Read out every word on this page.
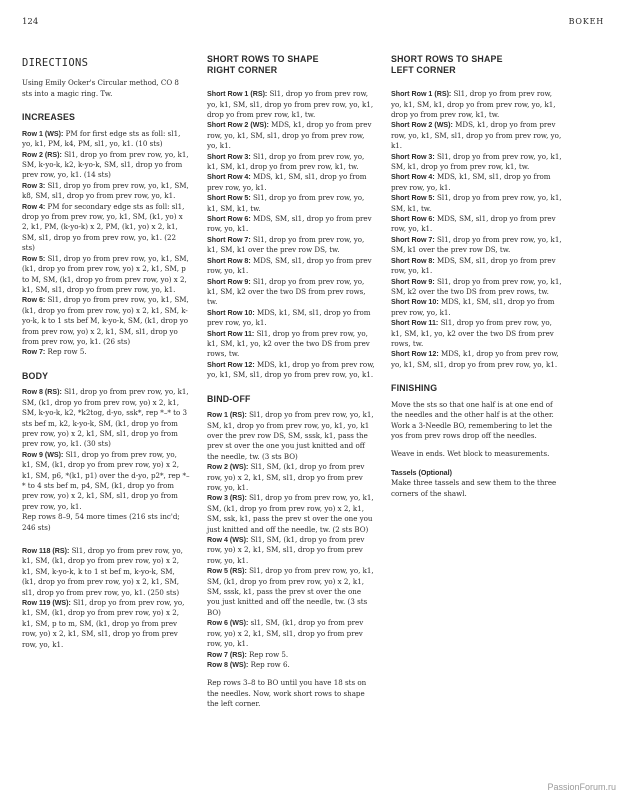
124	BOKEH
DIRECTIONS

Using Emily Ocker's Circular method, CO 8 sts into a magic ring. Tw.

INCREASES

Row 1 (WS): PM for first edge sts as foll: sl1, yo, k1, PM, k4, PM, sl1, yo, k1. (10 sts)

Row 2 (RS): Sl1, drop yo from prev row, yo, k1, SM, k-yo-k, k2, k-yo-k, SM, sl1, drop yo from prev row, yo, k1. (14 sts)

Row 3: Sl1, drop yo from prev row, yo, k1, SM, k8, SM, sl1, drop yo from prev row, yo, k1.

Row 4: PM for secondary edge sts as foll: sl1, drop yo from prev row, yo, k1, SM, (k1, yo) x 2, k1, PM, (k-yo-k) x 2, PM, (k1, yo) x 2, k1, SM, sl1, drop yo from prev row, yo, k1. (22 sts)

Row 5: Sl1, drop yo from prev row, yo, k1, SM, (k1, drop yo from prev row, yo) x 2, k1, SM, p to M, SM, (k1, drop yo from prev row, yo) x 2, k1, SM, sl1, drop yo from prev row, yo, k1.

Row 6: Sl1, drop yo from prev row, yo, k1, SM, (k1, drop yo from prev row, yo) x 2, k1, SM, k-yo-k, k to 1 sts bef M, k-yo-k, SM, (k1, drop yo from prev row, yo) x 2, k1, SM, sl1, drop yo from prev row, yo, k1. (26 sts)

Row 7: Rep row 5.

BODY

Row 8 (RS): Sl1, drop yo from prev row, yo, k1, SM, (k1, drop yo from prev row, yo) x 2, k1, SM, k-yo-k, k2, *k2tog, d-yo, ssk*, rep *–* to 3 sts bef m, k2, k-yo-k, SM, (k1, drop yo from prev row, yo) x 2, k1, SM, sl1, drop yo from prev row, yo, k1. (30 sts)

Row 9 (WS): Sl1, drop yo from prev row, yo, k1, SM, (k1, drop yo from prev row, yo) x 2, k1, SM, p6, *(k1, p1) over the d-yo, p2*, rep *–* to 4 sts bef m, p4, SM, (k1, drop yo from prev row, yo) x 2, k1, SM, sl1, drop yo from prev row, yo, k1.

Rep rows 8–9, 54 more times (216 sts inc'd; 246 sts)

Row 118 (RS): Sl1, drop yo from prev row, yo, k1, SM, (k1, drop yo from prev row, yo) x 2, k1, SM, k-yo-k, k to 1 st bef m, k-yo-k, SM, (k1, drop yo from prev row, yo) x 2, k1, SM, sl1, drop yo from prev row, yo, k1. (250 sts)

Row 119 (WS): Sl1, drop yo from prev row, yo, k1, SM, (k1, drop yo from prev row, yo) x 2, k1, SM, p to m, SM, (k1, drop yo from prev row, yo) x 2, k1, SM, sl1, drop yo from prev row, yo, k1.

SHORT ROWS TO SHAPE
RIGHT CORNER

Short Row 1 (RS): Sl1, drop yo from prev row, yo, k1, SM, sl1, drop yo from prev row, yo, k1, drop yo from prev row, k1, tw.

Short Row 2 (WS): MDS, k1, drop yo from prev row, yo, k1, SM, sl1, drop yo from prev row, yo, k1.

Short Row 3: Sl1, drop yo from prev row, yo, k1, SM, k1, drop yo from prev row, k1, tw.

Short Row 4: MDS, k1, SM, sl1, drop yo from prev row, yo, k1.

Short Row 5: Sl1, drop yo from prev row, yo, k1, SM, k1, tw.

Short Row 6: MDS, SM, sl1, drop yo from prev row, yo, k1.

Short Row 7: Sl1, drop yo from prev row, yo, k1, SM, k1 over the prev row DS, tw.

Short Row 8: MDS, SM, sl1, drop yo from prev row, yo, k1.

Short Row 9: Sl1, drop yo from prev row, yo, k1, SM, k2 over the two DS from prev rows, tw.

Short Row 10: MDS, k1, SM, sl1, drop yo from prev row, yo, k1.

Short Row 11: Sl1, drop yo from prev row, yo, k1, SM, k1, yo, k2 over the two DS from prev rows, tw.

Short Row 12: MDS, k1, drop yo from prev row, yo, k1, SM, sl1, drop yo from prev row, yo, k1.

BIND-OFF

Row 1 (RS): Sl1, drop yo from prev row, yo, k1, SM, k1, drop yo from prev row, yo, k1, yo, k1 over the prev row DS, SM, sssk, k1, pass the prev st over the one you just knitted and off the needle, tw. (3 sts BO)

Row 2 (WS): Sl1, SM, (k1, drop yo from prev row, yo) x 2, k1, SM, sl1, drop yo from prev row, yo, k1.

Row 3 (RS): Sl1, drop yo from prev row, yo, k1, SM, (k1, drop yo from prev row, yo) x 2, k1, SM, ssk, k1, pass the prev st over the one you just knitted and off the needle, tw. (2 sts BO)

Row 4 (WS): Sl1, SM, (k1, drop yo from prev row, yo) x 2, k1, SM, sl1, drop yo from prev row, yo, k1.

Row 5 (RS): Sl1, drop yo from prev row, yo, k1, SM, (k1, drop yo from prev row, yo) x 2, k1, SM, sssk, k1, pass the prev st over the one you just knitted and off the needle, tw. (3 sts BO)

Row 6 (WS): sl1, SM, (k1, drop yo from prev row, yo) x 2, k1, SM, sl1, drop yo from prev row, yo, k1.

Row 7 (RS): Rep row 5.

Row 8 (WS): Rep row 6.

Rep rows 3–8 to BO until you have 18 sts on the needles. Now, work short rows to shape the left corner.

SHORT ROWS TO SHAPE
LEFT CORNER

Short Row 1 (RS): Sl1, drop yo from prev row, yo, k1, SM, k1, drop yo from prev row, yo, k1, drop yo from prev row, k1, tw.

Short Row 2 (WS): MDS, k1, drop yo from prev row, yo, k1, SM, sl1, drop yo from prev row, yo, k1.

Short Row 3: Sl1, drop yo from prev row, yo, k1, SM, k1, drop yo from prev row, k1, tw.

Short Row 4: MDS, k1, SM, sl1, drop yo from prev row, yo, k1.

Short Row 5: Sl1, drop yo from prev row, yo, k1, SM, k1, tw.

Short Row 6: MDS, SM, sl1, drop yo from prev row, yo, k1.

Short Row 7: Sl1, drop yo from prev row, yo, k1, SM, k1 over the prev row DS, tw.

Short Row 8: MDS, SM, sl1, drop yo from prev row, yo, k1.

Short Row 9: Sl1, drop yo from prev row, yo, k1, SM, k2 over the two DS from prev rows, tw.

Short Row 10: MDS, k1, SM, sl1, drop yo from prev row, yo, k1.

Short Row 11: Sl1, drop yo from prev row, yo, k1, SM, k1, yo, k2 over the two DS from prev rows, tw.

Short Row 12: MDS, k1, drop yo from prev row, yo, k1, SM, sl1, drop yo from prev row, yo, k1.

FINISHING

Move the sts so that one half is at one end of the needles and the other half is at the other. Work a 3-Needle BO, remembering to let the yos from prev rows drop off the needles.

Weave in ends. Wet block to measurements.

Tassels (Optional)

Make three tassels and sew them to the three corners of the shawl.

PassionForum.ru
